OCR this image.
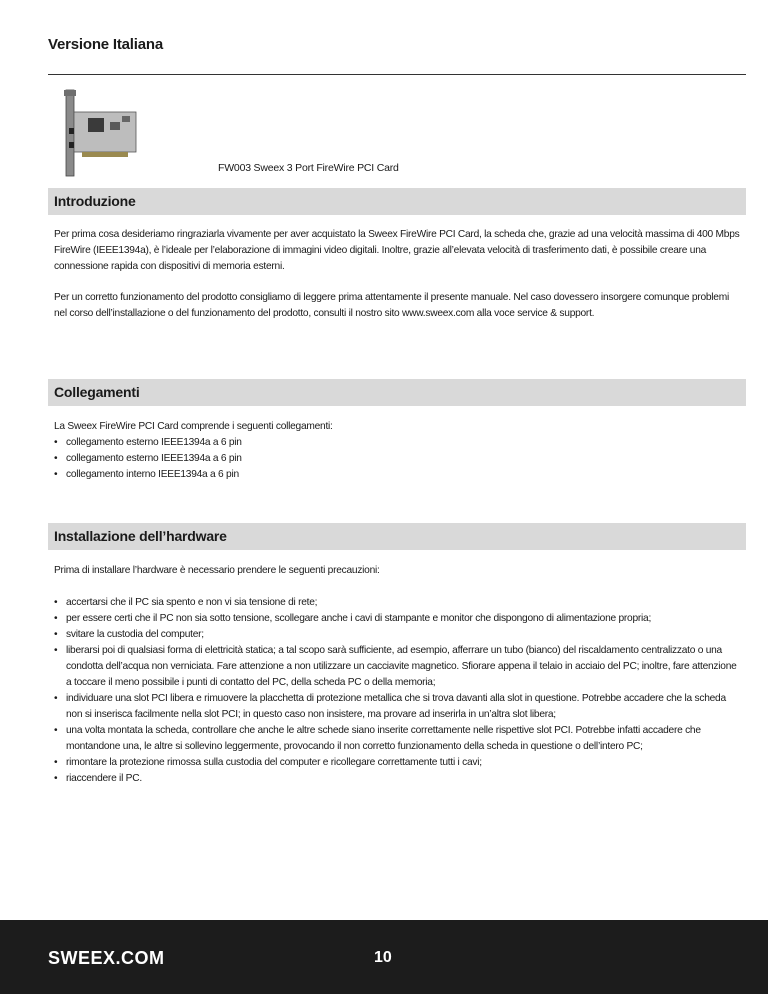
Versione Italiana
FW003 Sweex 3 Port FireWire PCI Card
Introduzione

Per prima cosa desideriamo ringraziarla vivamente per aver acquistato la Sweex FireWire PCI Card, la scheda che, grazie ad una velocità massima di 400 Mbps FireWire (IEEE1394a), è l’ideale per l’elaborazione di immagini video digitali. Inoltre, grazie all’elevata velocità di trasferimento dati, è possibile creare una connessione rapida con dispositivi di memoria esterni.

Per un corretto funzionamento del prodotto consigliamo di leggere prima attentamente il presente manuale. Nel caso dovessero insorgere comunque problemi nel corso dell’installazione o del funzionamento del prodotto, consulti il nostro sito www.sweex.com alla voce service & support.

Collegamenti

La Sweex FireWire PCI Card comprende i seguenti collegamenti:

• collegamento esterno IEEE1394a a 6 pin
• collegamento esterno IEEE1394a a 6 pin
• collegamento interno IEEE1394a a 6 pin
Installazione dell’hardware

Prima di installare l’hardware è necessario prendere le seguenti precauzioni:

• accertarsi che il PC sia spento e non vi sia tensione di rete;
• per essere certi che il PC non sia sotto tensione, scollegare anche i cavi di stampante e monitor che dispongono di alimentazione propria;
• svitare la custodia del computer;
• liberarsi poi di qualsiasi forma di elettricità statica; a tal scopo sarà sufficiente, ad esempio, afferrare un tubo (bianco) del riscaldamento centralizzato o una condotta dell’acqua non verniciata. Fare attenzione a non utilizzare un cacciavite magnetico. Sfiorare appena il telaio in acciaio del PC; inoltre, fare attenzione a toccare il meno possibile i punti di contatto del PC, della scheda PC o della memoria;
• individuare una slot PCI libera e rimuovere la placchetta di protezione metallica che si trova davanti alla slot in questione. Potrebbe accadere che la scheda non si inserisca facilmente nella slot PCI; in questo caso non insistere, ma provare ad inserirla in un’altra slot libera;
• una volta montata la scheda, controllare che anche le altre schede siano inserite correttamente nelle rispettive slot PCI. Potrebbe infatti accadere che montandone una, le altre si sollevino leggermente, provocando il non corretto funzionamento della scheda in questione o dell’intero PC;
• rimontare la protezione rimossa sulla custodia del computer e ricollegare correttamente tutti i cavi;
• riaccendere il PC.
SWEEX.COM	10
